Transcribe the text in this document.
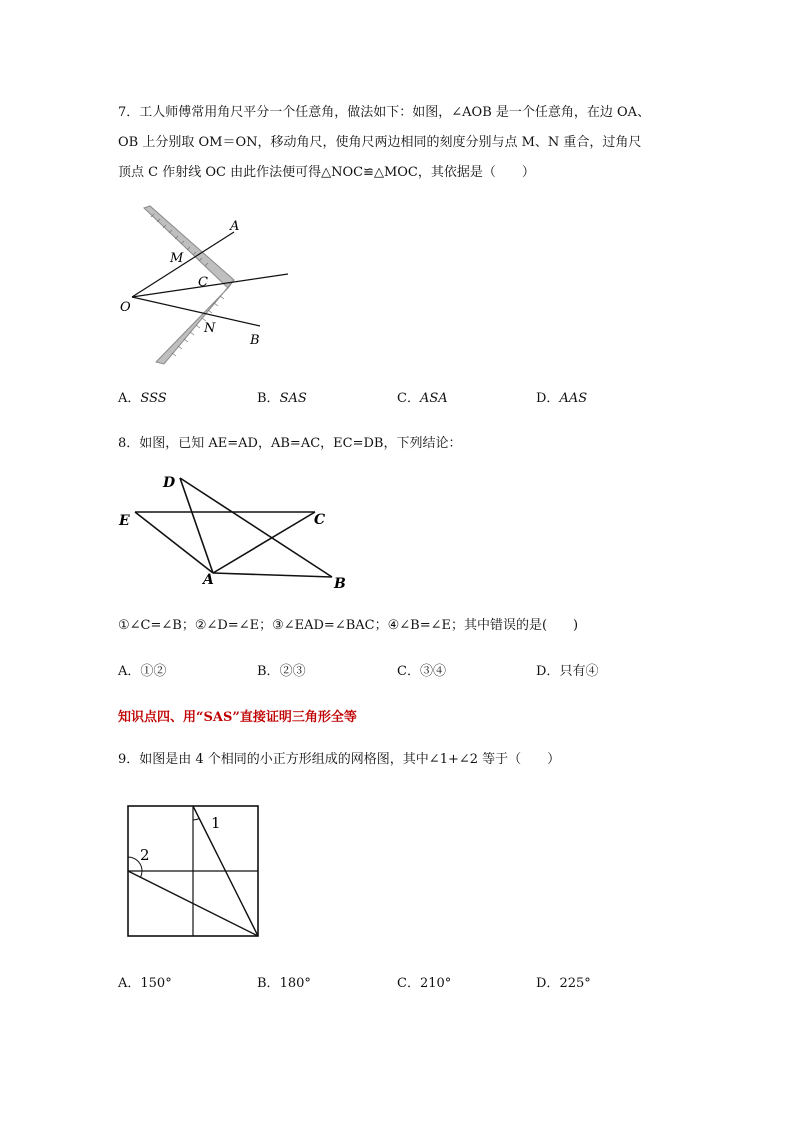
7．工人师傅常用角尺平分一个任意角，做法如下：如图，∠AOB 是一个任意角，在边 OA、
OB 上分别取 OM＝ON，移动角尺，使角尺两边相同的刻度分别与点 M、N 重合，过角尺
顶点 C 作射线 OC 由此作法便可得△NOC≌△MOC，其依据是（　　）
A
M
C
O
N
B
A．SSS	B．SAS	C．ASA	D．AAS
8．如图，已知 AE=AD，AB=AC，EC=DB，下列结论：
D
E	C
A	B
①∠C=∠B；②∠D=∠E；③∠EAD=∠BAC；④∠B=∠E；其中错误的是(　　)
A．①②	B．②③	C．③④	D．只有④
知识点四、用“SAS”直接证明三角形全等
9．如图是由 4 个相同的小正方形组成的网格图，其中∠1+∠2 等于（　　）
1
2
A．150°	B．180°	C．210°	D．225°
